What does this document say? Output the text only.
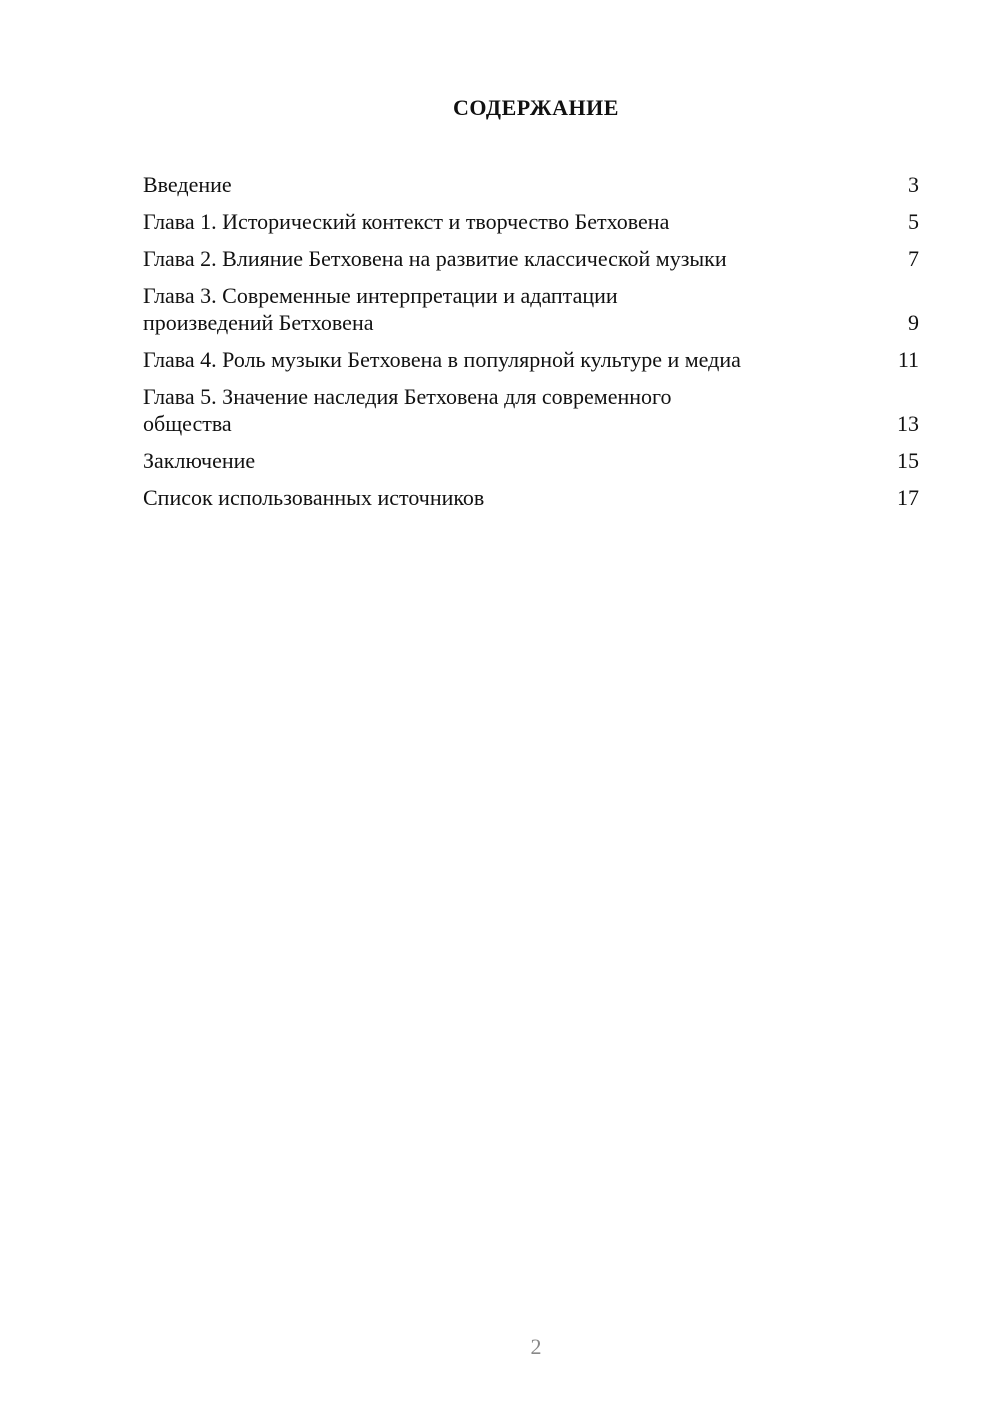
СОДЕРЖАНИЕ
Введение	3
Глава 1. Исторический контекст и творчество Бетховена	5
Глава 2. Влияние Бетховена на развитие классической музыки	7
Глава 3. Современные интерпретации и адаптации произведений Бетховена	9
Глава 4. Роль музыки Бетховена в популярной культуре и медиа	11
Глава 5. Значение наследия Бетховена для современного общества	13
Заключение	15
Список использованных источников	17
2
